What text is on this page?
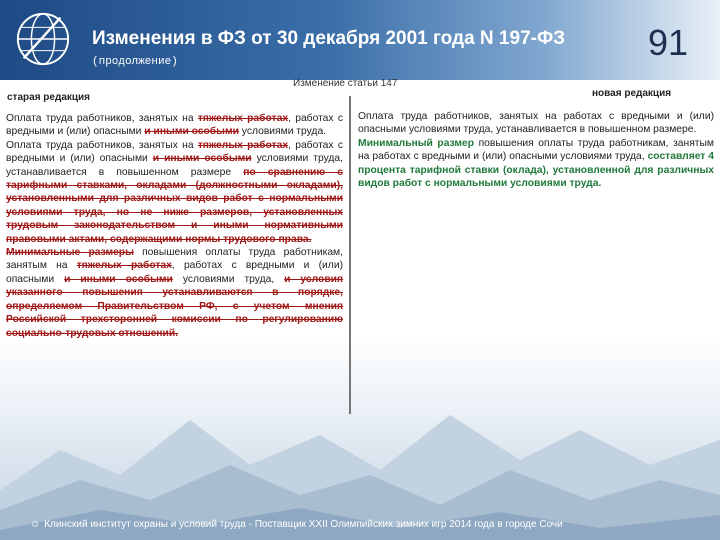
Изменения в ФЗ от 30 декабря 2001 года N 197-ФЗ
(продолжение)	91
Изменение статьи 147
старая редакция	новая редакция

Оплата труда работников, занятых на тяжелых работах, работах с вредными и (или) опасными и иными особыми условиями труда.

Оплата труда работников, занятых на тяжелых работах, работах с вредными и (или) опасными и иными особыми условиями труда, устанавливается в повышенном размере по сравнению с тарифными ставками, окладами (должностными окладами), установленными для различных видов работ с нормальными условиями труда, но не ниже размеров, установленных трудовым законодательством и иными нормативными правовыми актами, содержащими нормы трудового права.

Минимальные размеры повышения оплаты труда работникам, занятым на тяжелых работах, работах с вредными и (или) опасными и иными особыми условиями труда, и условия указанного повышения устанавливаются в порядке, определяемом Правительством РФ, с учетом мнения Российской трехсторонней комиссии по регулированию социально-трудовых отношений.

Оплата труда работников, занятых на работах с вредными и (или) опасными условиями труда, устанавливается в повышенном размере.

Минимальный размер повышения оплаты труда работникам, занятым на работах с вредными и (или) опасными условиями труда, составляет 4 процента тарифной ставки (оклада), установленной для различных видов работ с нормальными условиями труда.

☺ Клинский институт охраны и условий труда - Поставщик XXII Олимпийских зимних игр 2014 года в городе Сочи
